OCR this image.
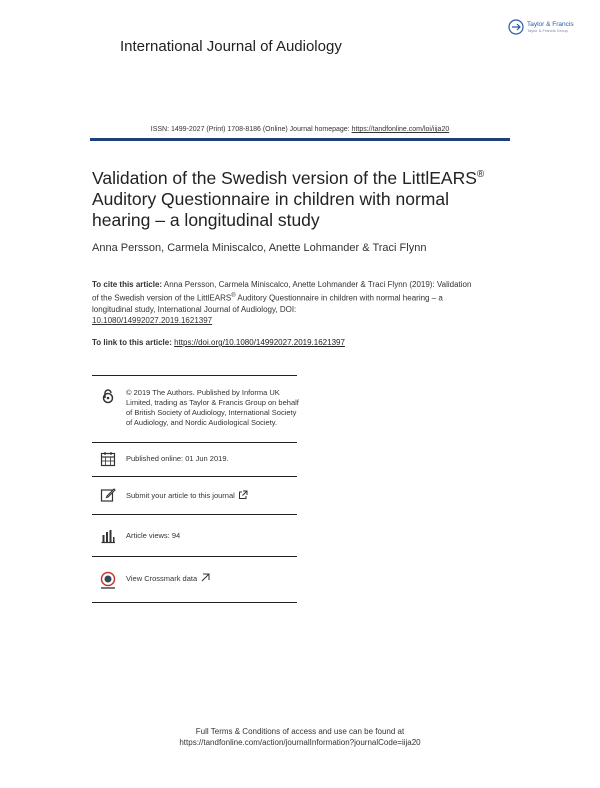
International Journal of Audiology
Taylor & Francis
Taylor & Francis Group
ISSN: 1499-2027 (Print) 1708-8186 (Online) Journal homepage: https://tandfonline.com/loi/iija20
Validation of the Swedish version of the LittlEARS® Auditory Questionnaire in children with normal hearing – a longitudinal study
Anna Persson, Carmela Miniscalco, Anette Lohmander & Traci Flynn
To cite this article: Anna Persson, Carmela Miniscalco, Anette Lohmander & Traci Flynn (2019): Validation of the Swedish version of the LittlEARS® Auditory Questionnaire in children with normal hearing – a longitudinal study, International Journal of Audiology, DOI:
10.1080/14992027.2019.1621397
To link to this article: https://doi.org/10.1080/14992027.2019.1621397
© 2019 The Authors. Published by Informa UK Limited, trading as Taylor & Francis Group on behalf of British Society of Audiology, International Society of Audiology, and Nordic Audiological Society.
Published online: 01 Jun 2019.
Submit your article to this journal
Article views: 94
View Crossmark data
Full Terms & Conditions of access and use can be found at
https://tandfonline.com/action/journalInformation?journalCode=iija20
